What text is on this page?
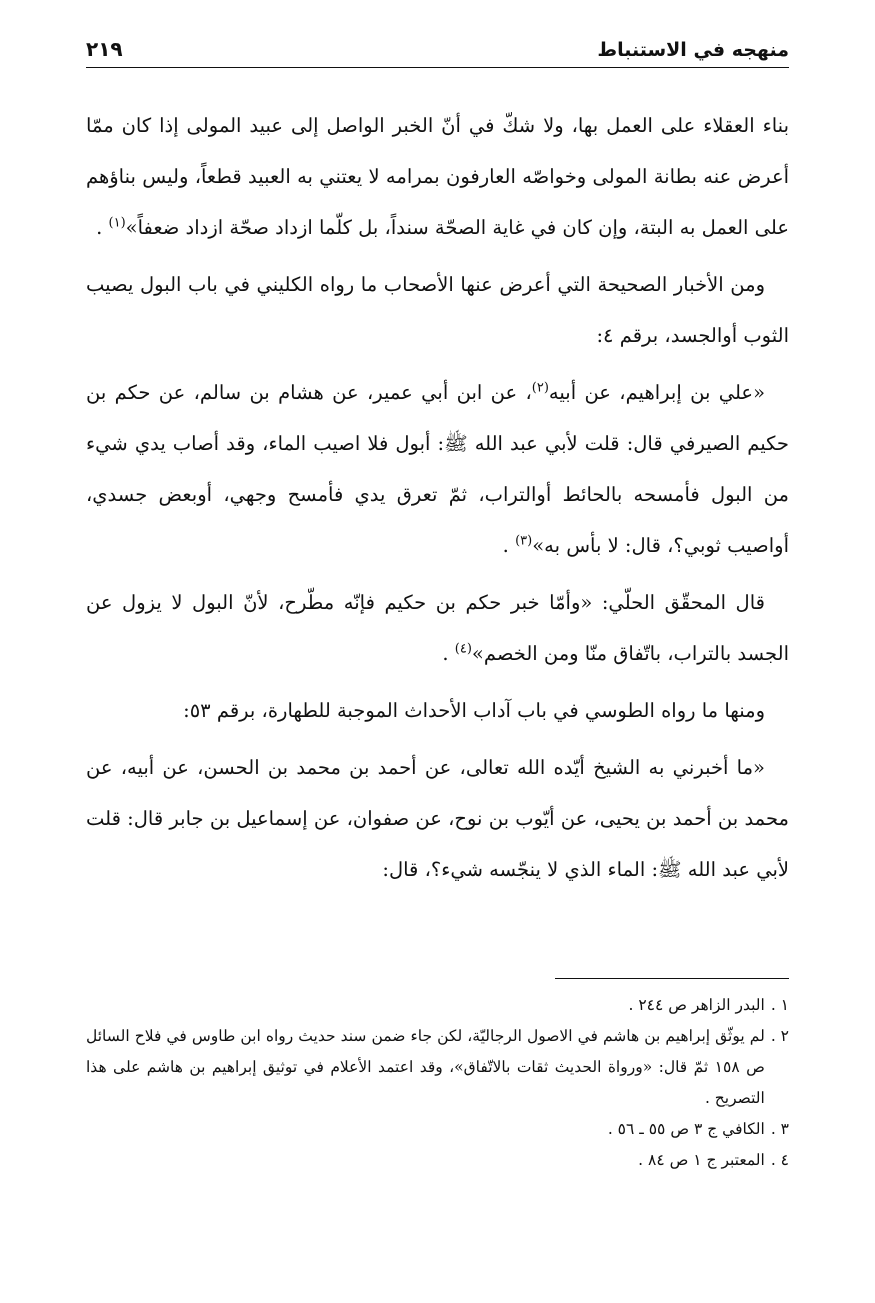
منهجه في الاستنباط
٢١٩

بناء العقلاء على العمل بها، ولا شكّ في أنّ الخبر الواصل إلى عبيد المولى إذا كان ممّا أعرض عنه بطانة المولى وخواصّه العارفون بمرامه لا يعتني به العبيد قطعاً، وليس بناؤهم على العمل به البتة، وإن كان في غاية الصحّة سنداً، بل كلّما ازداد صحّة ازداد ضعفاً»$^{(١)}$ .

ومن الأخبار الصحيحة التي أعرض عنها الأصحاب ما رواه الكليني في باب البول يصيب الثوب أوالجسد، برقم ٤:

«علي بن إبراهيم، عن أبيه$^{(٢)}$، عن ابن أبي عمير، عن هشام بن سالم، عن حكم بن حكيم الصيرفي قال: قلت لأبي عبد الله ﷺ: أبول فلا اصيب الماء، وقد أصاب يدي شيء من البول فأمسحه بالحائط أوالتراب، ثمّ تعرق يدي فأمسح وجهي، أوبعض جسدي، أواصيب ثوبي؟، قال: لا بأس به»$^{(٣)}$ .

قال المحقّق الحلّي: «وأمّا خبر حكم بن حكيم فإنّه مطّرح، لأنّ البول لا يزول عن الجسد بالتراب، باتّفاق منّا ومن الخصم»$^{(٤)}$ .

ومنها ما رواه الطوسي في باب آداب الأحداث الموجبة للطهارة، برقم ٥٣:

«ما أخبرني به الشيخ أيّده الله تعالى، عن أحمد بن محمد بن الحسن، عن أبيه، عن محمد بن أحمد بن يحيى، عن أيّوب بن نوح، عن صفوان، عن إسماعيل بن جابر قال: قلت لأبي عبد الله ﷺ: الماء الذي لا ينجّسه شيء؟، قال:

١ .
البدر الزاهر ص ٢٤٤ .

٢ .
لم يوثّق إبراهيم بن هاشم في الاصول الرجاليّة، لكن جاء ضمن سند حديث رواه ابن طاوس في فلاح السائل ص ١٥٨ ثمّ قال: «ورواة الحديث ثقات بالاتّفاق»، وقد اعتمد الأعلام في توثيق إبراهيم بن هاشم على هذا التصريح .

٣ .
الكافي ج ٣ ص ٥٥ ـ ٥٦ .

٤ .
المعتبر ج ١ ص ٨٤ .
